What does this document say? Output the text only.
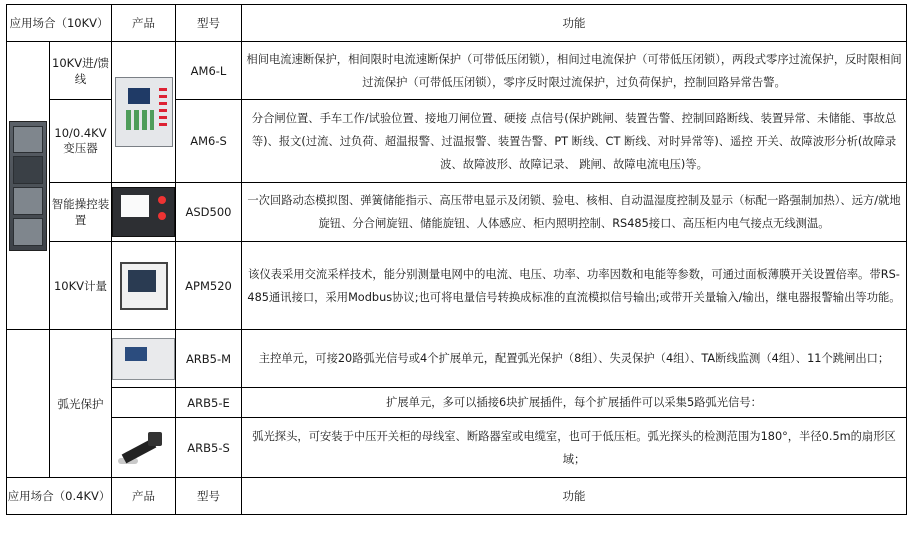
应用场合（10KV）		产品	型号	功能

	10KV进/馈线		AM6-L	相间电流速断保护，相间限时电流速断保护（可带低压闭锁），相间过电流保护（可带低压闭锁），两段式零序过流保护，反时限相间过流保护（可带低压闭锁），零序反时限过流保护，过负荷保护，控制回路异常告警。
	10/0.4KV变压器		AM6-S	分合闸位置、手车工作/试验位置、接地刀闸位置、硬接 点信号(保护跳闸、装置告警、控制回路断线、装置异常、未储能、事故总等)、报文(过流、过负荷、超温报警、过温报警、装置告警、PT 断线、CT 断线、对时异常等)、遥控 开关、故障波形分析(故障录波、故障波形、故障记录、 跳闸、故障电流电压)等。
	智能操控装置		ASD500	一次回路动态模拟图、弹簧储能指示、高压带电显示及闭锁、验电、核相、自动温湿度控制及显示（标配一路强制加热）、远方/就地旋钮、分合闸旋钮、储能旋钮、人体感应、柜内照明控制、RS485接口、高压柜内电气接点无线测温。
	10KV计量		APM520	该仪表采用交流采样技术，能分别测量电网中的电流、电压、功率、功率因数和电能等参数，可通过面板薄膜开关设置倍率。带RS-485通讯接口，采用Modbus协议;也可将电量信号转换成标准的直流模拟信号输出;或带开关量输入/输出，继电器报警输出等功能。
	弧光保护		ARB5-M	主控单元，可接20路弧光信号或4个扩展单元，配置弧光保护（8组）、失灵保护（4组）、TA断线监测（4组）、11个跳闸出口；
			ARB5-E	扩展单元，多可以插接6块扩展插件，每个扩展插件可以采集5路弧光信号：

			ARB5-S	弧光探头，可安装于中压开关柜的母线室、断路器室或电缆室，也可于低压柜。弧光探头的检测范围为180°，半径0.5m的扇形区域；
应用场合（0.4KV）		产品	型号	功能
